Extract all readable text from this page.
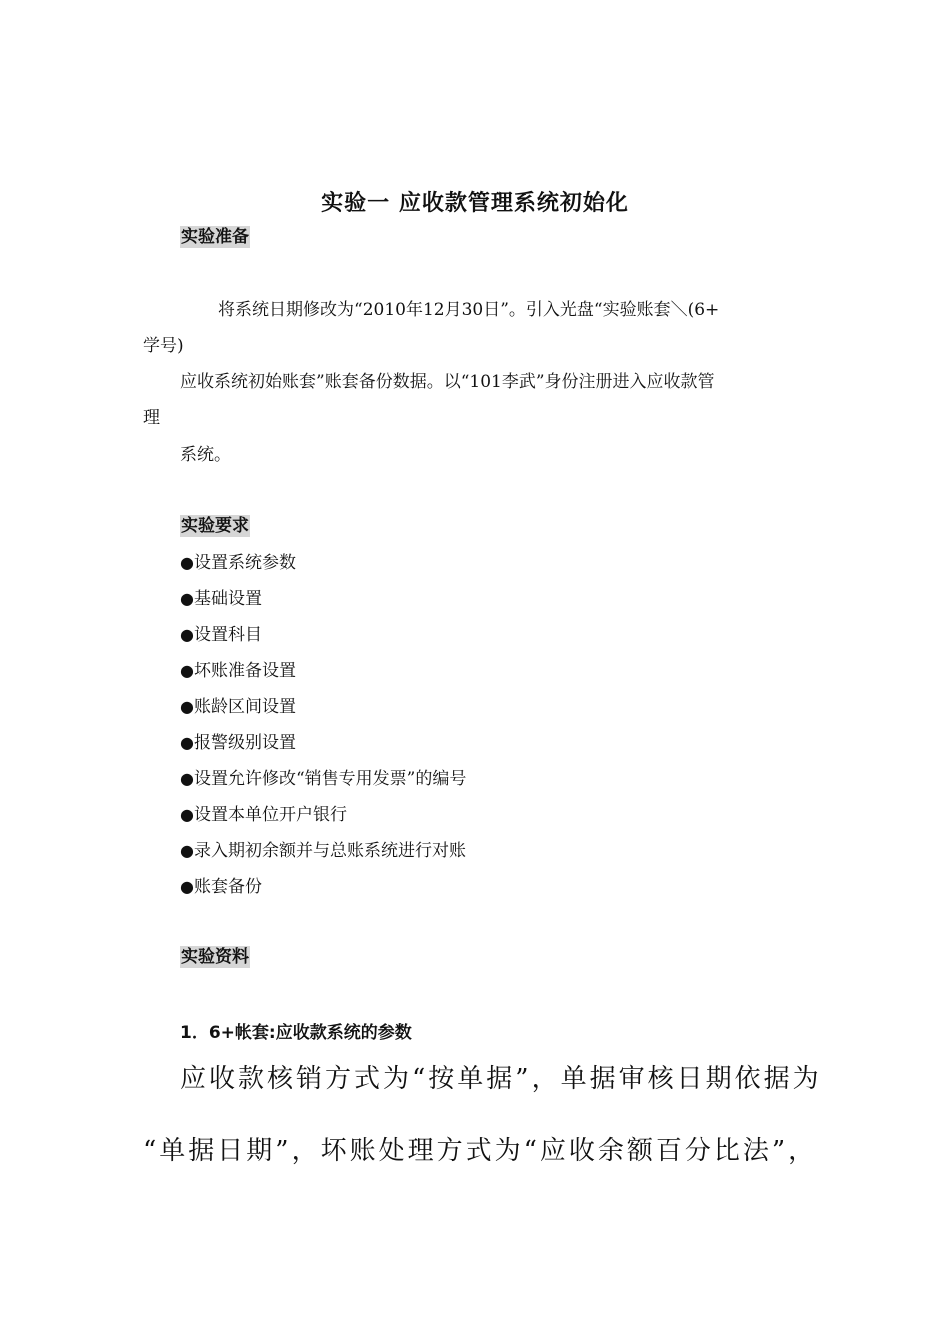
实验一 应收款管理系统初始化
实验准备
将系统日期修改为“2010年12月30日”。引入光盘“实验账套＼(6+
学号)
应收系统初始账套”账套备份数据。以“101李武”身份注册进入应收款管
理
系统。
实验要求
●设置系统参数
●基础设置
●设置科目
●坏账准备设置
●账龄区间设置
●报警级别设置
●设置允许修改“销售专用发票”的编号
●设置本单位开户银行
●录入期初余额并与总账系统进行对账
●账套备份
实验资料
1．6+帐套:应收款系统的参数
应收款核销方式为“按单据”，单据审核日期依据为
“单据日期”，坏账处理方式为“应收余额百分比法”，
